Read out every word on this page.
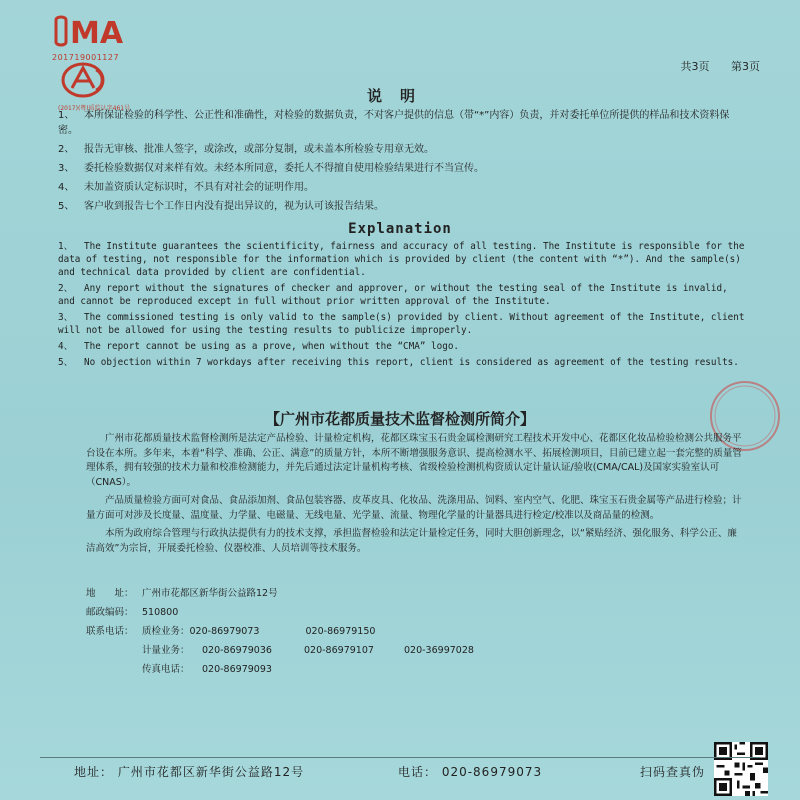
MA
201719001127
(2017)(粤)质监认字461号
共3页 第3页
说明

1、 本所保证检验的科学性、公正性和准确性，对检验的数据负责，不对客户提供的信息（带“*”内容）负责，并对委托单位所提供的样品和技术资料保密。

2、 报告无审核、批准人签字，或涂改，或部分复制，或未盖本所检验专用章无效。

3、 委托检验数据仅对来样有效。未经本所同意，委托人不得擅自使用检验结果进行不当宣传。

4、 未加盖资质认定标识时，不具有对社会的证明作用。

5、 客户收到报告七个工作日内没有提出异议的，视为认可该报告结果。

Explanation

1、 The Institute guarantees the scientificity, fairness and accuracy of all testing. The Institute is responsible for the data of testing, not responsible for the information which is provided by client (the content with “*”). And the sample(s) and technical data provided by client are confidential.

2、 Any report without the signatures of checker and approver, or without the testing seal of the Institute is invalid, and cannot be reproduced except in full without prior written approval of the Institute.

3、 The commissioned testing is only valid to the sample(s) provided by client. Without agreement of the Institute, client will not be allowed for using the testing results to publicize improperly.

4、 The report cannot be using as a prove, when without the “CMA” logo.

5、 No objection within 7 workdays after receiving this report, client is considered as agreement of the testing results.

【广州市花都质量技术监督检测所简介】

广州市花都质量技术监督检测所是法定产品检验、计量检定机构，花都区珠宝玉石贵金属检测研究工程技术开发中心、花都区化妆品检验检测公共服务平台设在本所。多年来，本着“科学、准确、公正、满意”的质量方针，本所不断增强服务意识、提高检测水平、拓展检测项目，目前已建立起一套完整的质量管理体系，拥有较强的技术力量和校准检测能力，并先后通过法定计量机构考核、省级检验检测机构资质认定计量认证/验收(CMA/CAL)及国家实验室认可（CNAS）。

产品质量检验方面可对食品、食品添加剂、食品包装容器、皮革皮具、化妆品、洗涤用品、饲料、室内空气、化肥、珠宝玉石贵金属等产品进行检验；计量方面可对涉及长度量、温度量、力学量、电磁量、无线电量、光学量、流量、物理化学量的计量器具进行检定/校准以及商品量的检测。

本所为政府综合管理与行政执法提供有力的技术支撑，承担监督检验和法定计量检定任务，同时大胆创新理念，以“紧贴经济、强化服务、科学公正、廉洁高效”为宗旨，开展委托检验、仪器校准、人员培训等技术服务。

地　　址： 广州市花都区新华街公益路12号
邮政编码： 510800
联系电话： 质检业务：020-86979073	020-86979150
计量业务： 020-86979036	020-86979107	020-36997028
传真电话： 020-86979093
地址： 广州市花都区新华街公益路12号	电话： 020-86979073	扫码查真伪
